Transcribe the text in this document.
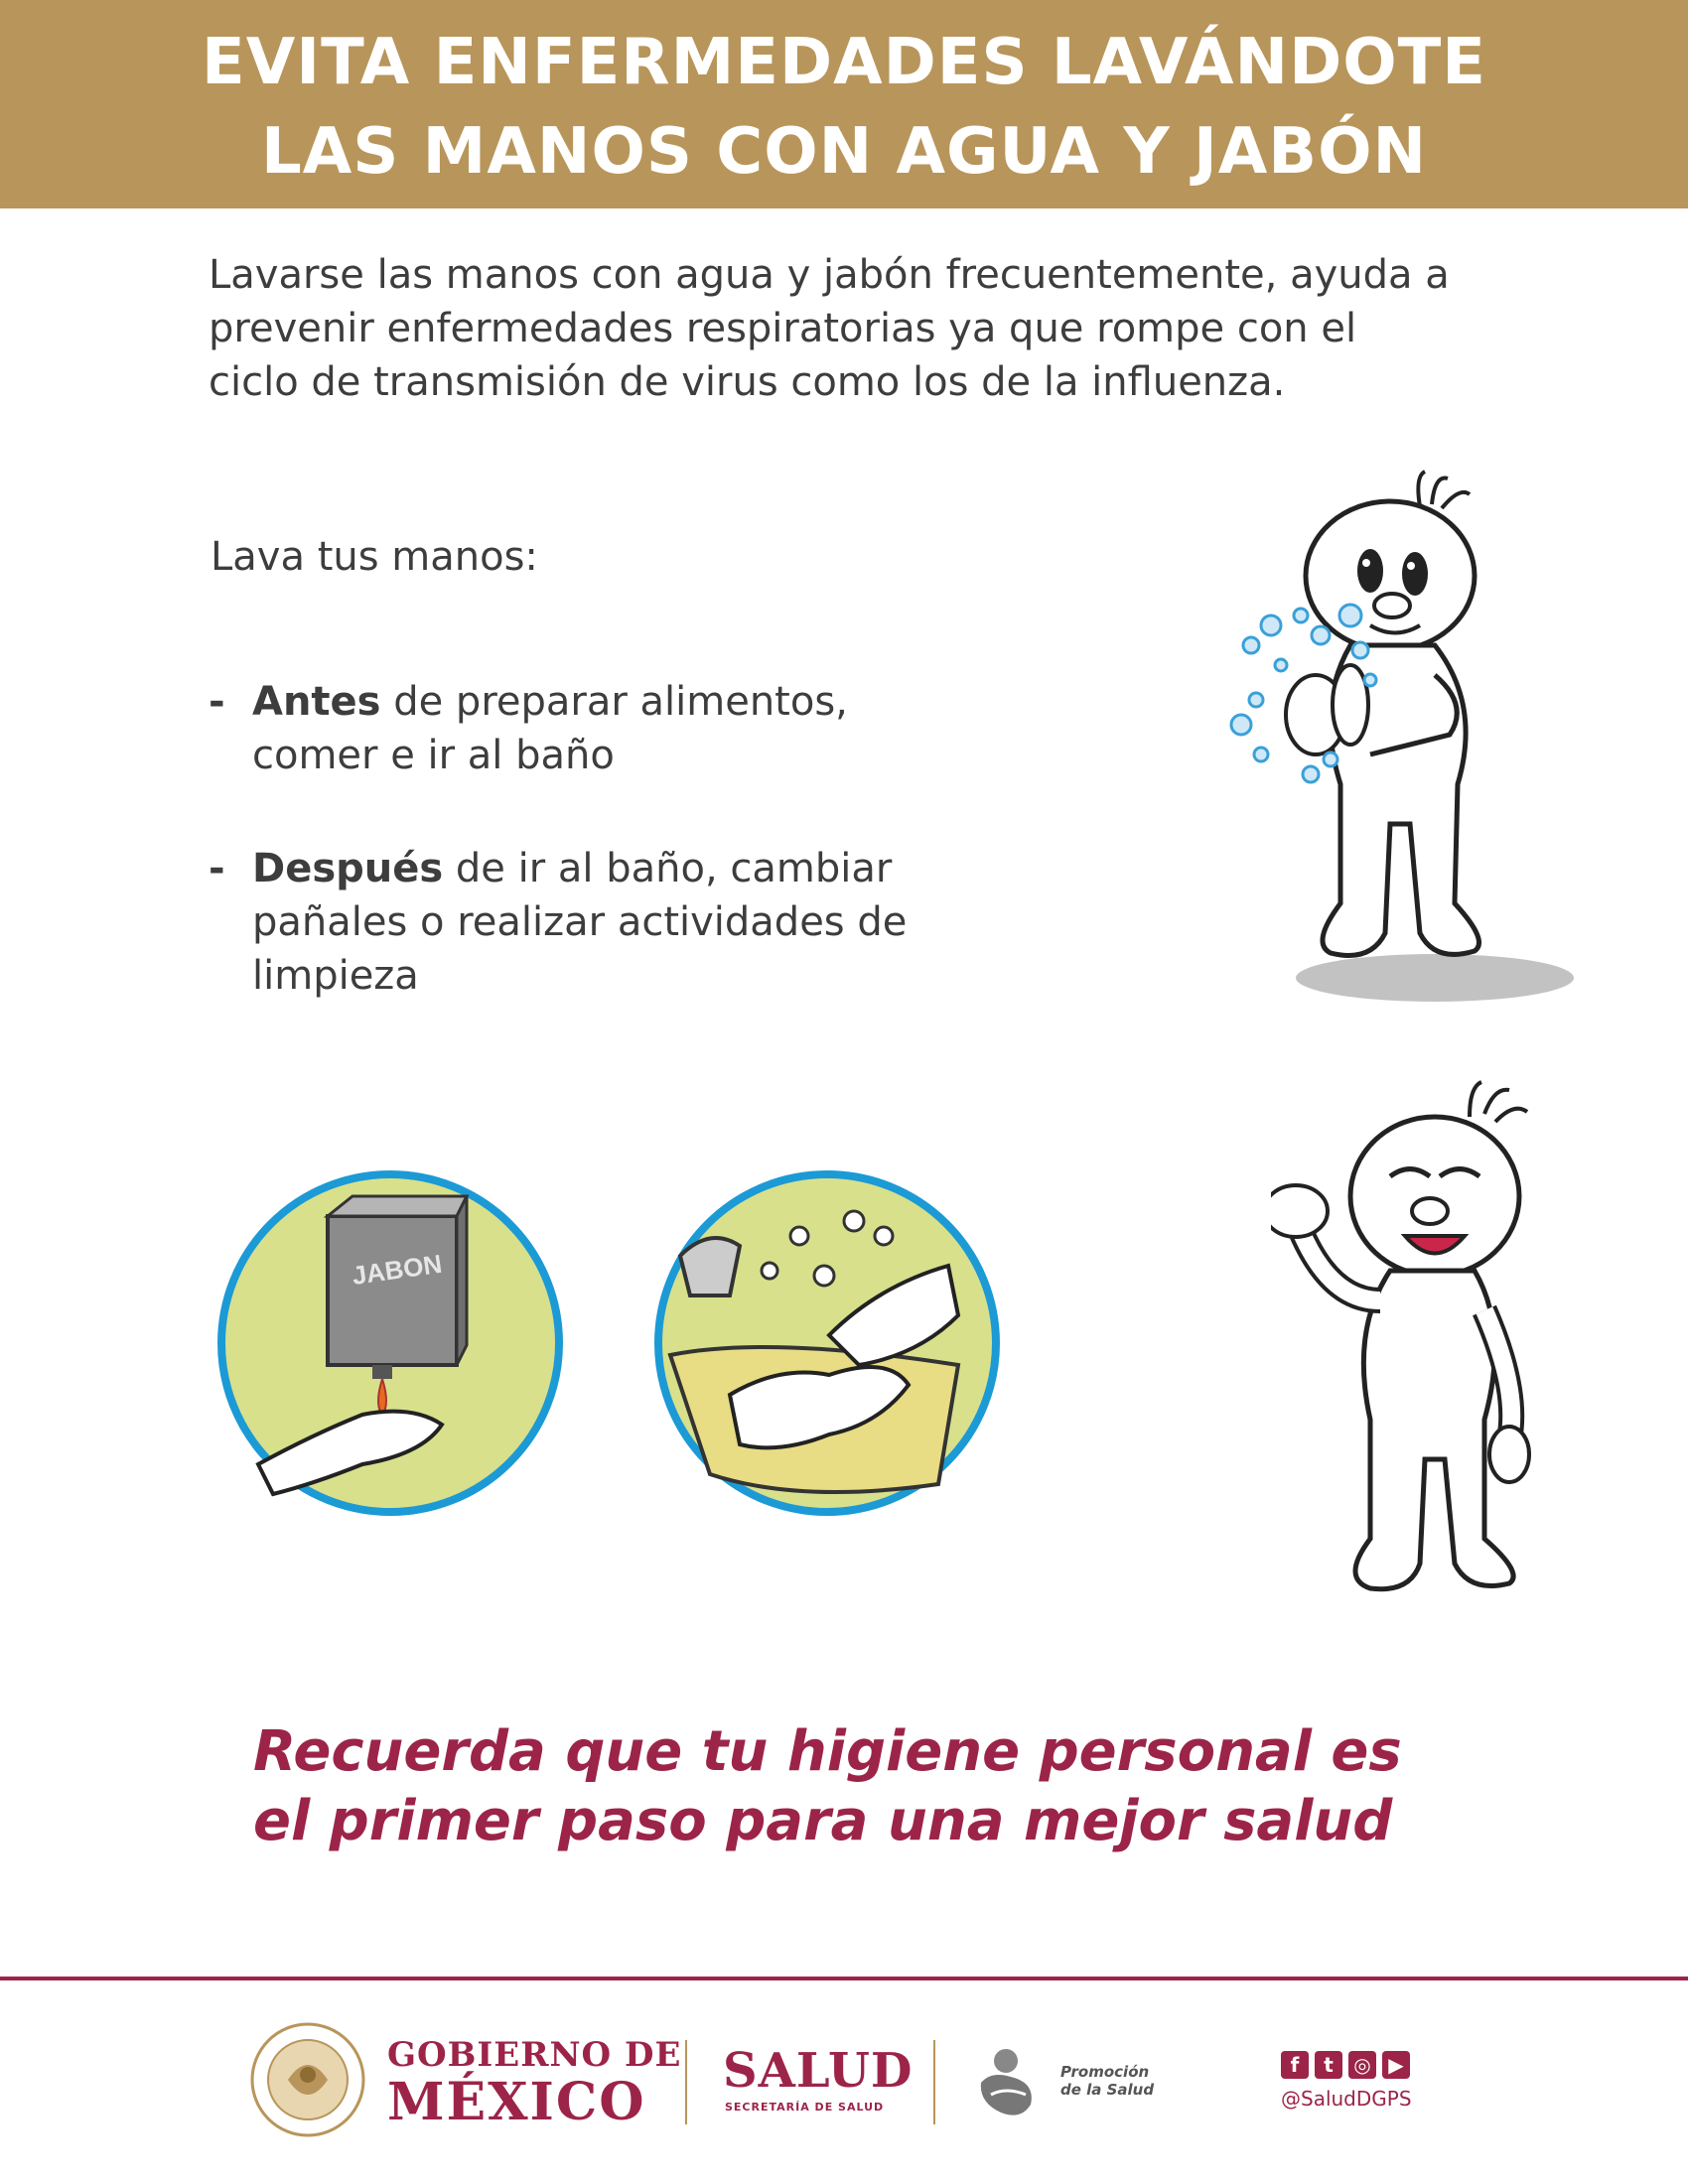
EVITA ENFERMEDADES LAVÁNDOTE
LAS MANOS CON AGUA Y JABÓN
Lavarse las manos con agua y jabón frecuentemente, ayuda a prevenir enfermedades respiratorias ya que rompe con el ciclo de transmisión de virus como los de la influenza.
Lava tus manos:
- Antes de preparar alimentos, comer e ir al baño
- Después de ir al baño, cambiar pañales o realizar actividades de limpieza
JABON
Recuerda que tu higiene personal es
el primer paso para una mejor salud
GOBIERNO DE
MÉXICO
SALUD
SECRETARÍA DE SALUD
Promoción
de la Salud
f	t	◎ ▶
@SaludDGPS
